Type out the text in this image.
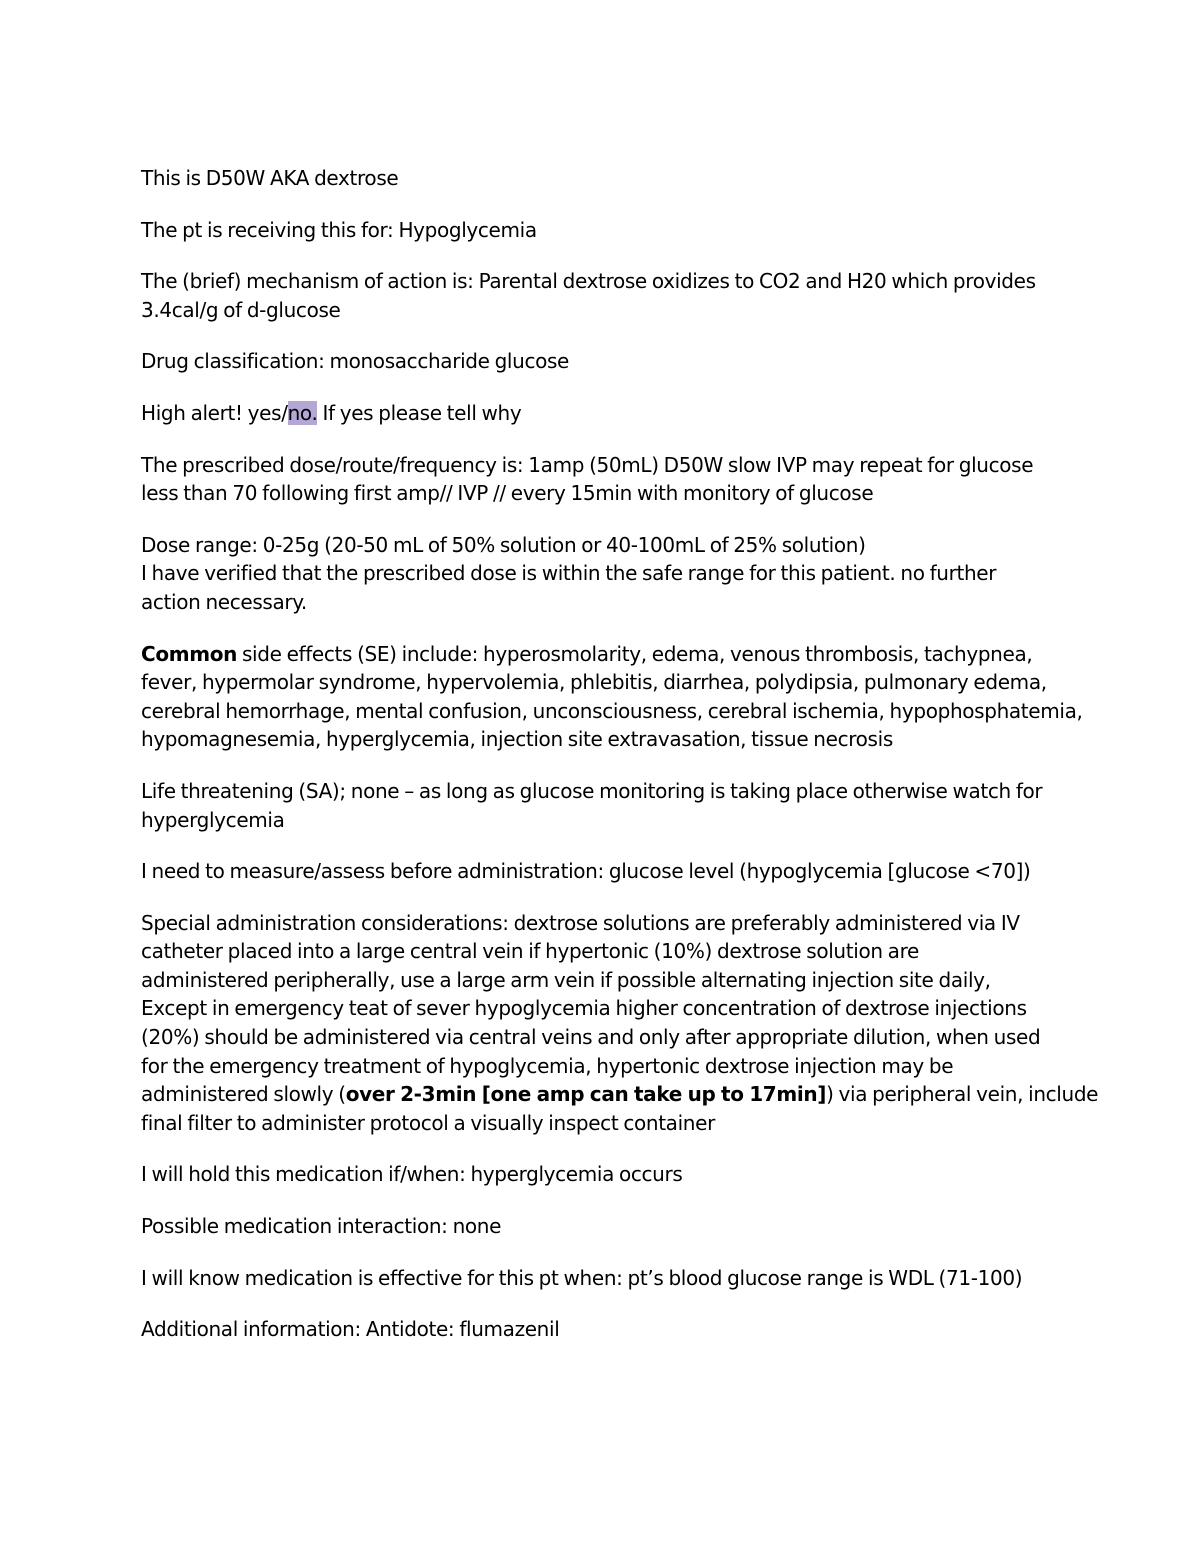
This is D50W AKA dextrose

The pt is receiving this for: Hypoglycemia

The (brief) mechanism of action is: Parental dextrose oxidizes to CO2 and H20 which provides
3.4cal/g of d-glucose

Drug classification: monosaccharide glucose

High alert! yes/no. If yes please tell why

The prescribed dose/route/frequency is: 1amp (50mL) D50W slow IVP may repeat for glucose
less than 70 following first amp// IVP // every 15min with monitory of glucose

Dose range: 0-25g (20-50 mL of 50% solution or 40-100mL of 25% solution)

I have verified that the prescribed dose is within the safe range for this patient. no further
action necessary.

Common side effects (SE) include: hyperosmolarity, edema, venous thrombosis, tachypnea,
fever, hypermolar syndrome, hypervolemia, phlebitis, diarrhea, polydipsia, pulmonary edema,
cerebral hemorrhage, mental confusion, unconsciousness, cerebral ischemia, hypophosphatemia,
hypomagnesemia, hyperglycemia, injection site extravasation, tissue necrosis

Life threatening (SA); none – as long as glucose monitoring is taking place otherwise watch for
hyperglycemia

I need to measure/assess before administration: glucose level (hypoglycemia [glucose <70])

Special administration considerations: dextrose solutions are preferably administered via IV
catheter placed into a large central vein if hypertonic (10%) dextrose solution are
administered peripherally, use a large arm vein if possible alternating injection site daily,
Except in emergency teat of sever hypoglycemia higher concentration of dextrose injections
(20%) should be administered via central veins and only after appropriate dilution, when used
for the emergency treatment of hypoglycemia, hypertonic dextrose injection may be
administered slowly (over 2-3min [one amp can take up to 17min]) via peripheral vein, include
final filter to administer protocol a visually inspect container

I will hold this medication if/when: hyperglycemia occurs

Possible medication interaction: none

I will know medication is effective for this pt when: pt’s blood glucose range is WDL (71-100)

Additional information: Antidote: flumazenil
